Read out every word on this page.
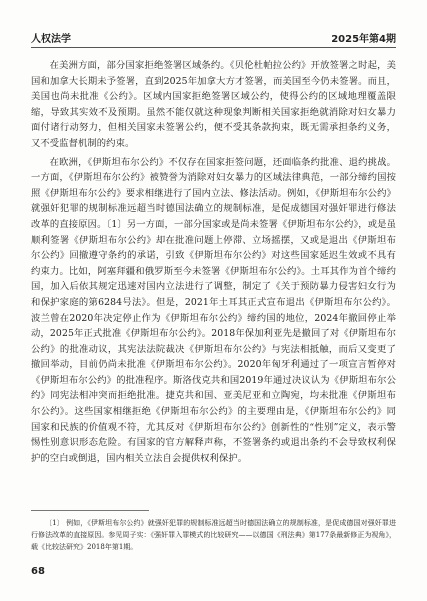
人权法学	2025年第4期

在美洲方面，部分国家拒绝签署区域条约。《贝伦杜帕拉公约》开放签署之时起，美国和加拿大长期未予签署，直到2025年加拿大方才签署，而美国至今仍未签署。而且，美国也尚未批准《公约》。区域内国家拒绝签署区域公约，使得公约的区域地理覆盖限缩，导致其实效不及预期。虽然不能仅就这种现象判断相关国家拒绝就消除对妇女暴力面付诸行动努力，但相关国家未签署公约，便不受其条款拘束，既无需承担条约义务，又不受监督机制的约束。

在欧洲，《伊斯坦布尔公约》不仅存在国家拒签问题，还面临条约批准、退约挑战。一方面，《伊斯坦布尔公约》被赞誉为消除对妇女暴力的区域法律典范，一部分缔约国按照《伊斯坦布尔公约》要求相继进行了国内立法、修法活动。例如，《伊斯坦布尔公约》就强奸犯罪的规制标准远超当时德国法确立的规制标准，是促成德国对强奸罪进行修法改革的直接原因。〔1〕另一方面，一部分国家或是尚未签署《伊斯坦布尔公约》，或是虽顺利签署《伊斯坦布尔公约》却在批准问题上停滞、立场摇摆，又或是退出《伊斯坦布尔公约》回撤遵守条约的承诺，引致《伊斯坦布尔公约》对这些国家延迟生效或不具有约束力。比如，阿塞拜疆和俄罗斯至今未签署《伊斯坦布尔公约》。土耳其作为首个缔约国，加入后依其规定迅速对国内立法进行了调整，制定了《关于预防暴力侵害妇女行为和保护家庭的第6284号法》。但是，2021年土耳其正式宣布退出《伊斯坦布尔公约》。波兰曾在2020年决定停止作为《伊斯坦布尔公约》缔约国的地位，2024年撤回停止举动，2025年正式批准《伊斯坦布尔公约》。2018年保加利亚先是撤回了对《伊斯坦布尔公约》的批准动议，其宪法法院裁决《伊斯坦布尔公约》与宪法相抵触，而后又变更了撤回举动，目前仍尚未批准《伊斯坦布尔公约》。2020年匈牙利通过了一项宣言暂停对《伊斯坦布尔公约》的批准程序。斯洛伐克共和国2019年通过决议认为《伊斯坦布尔公约》同宪法相冲突而拒绝批准。捷克共和国、亚美尼亚和立陶宛，均未批准《伊斯坦布尔公约》。这些国家相继拒绝《伊斯坦布尔公约》的主要理由是，《伊斯坦布尔公约》同国家和民族的价值观不符，尤其反对《伊斯坦布尔公约》创新性的“性别”定义，表示警惕性别意识形态危险。有国家的官方解释声称，不签署条约或退出条约不会导致权利保护的空白或倒退，国内相关立法自会提供权利保护。

〔1〕 例如，《伊斯坦布尔公约》就强奸犯罪的规制标准远超当时德国法确立的规制标准，是促成德国对强奸罪进行修法改革的直接原因。参见周子实：《强奸罪入罪模式的比较研究——以德国《刑法典》第177条最新修正为视角》，载《比较法研究》2018年第1期。

68
